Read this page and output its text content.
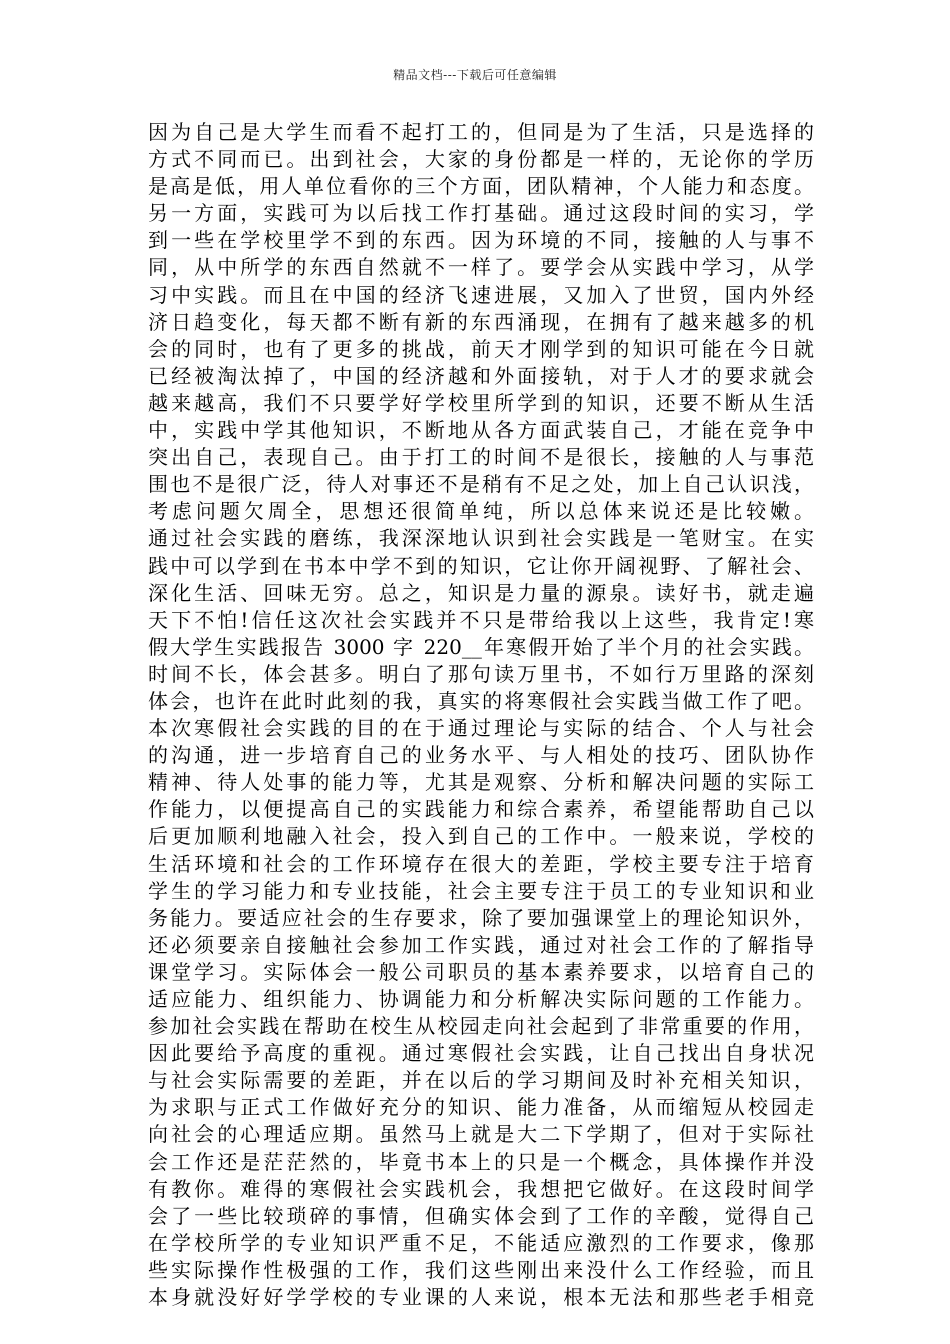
精品文档---下载后可任意编辑
因为自己是大学生而看不起打工的，但同是为了生活，只是选择的
方式不同而已。出到社会，大家的身份都是一样的，无论你的学历
是高是低，用人单位看你的三个方面，团队精神，个人能力和态度。
另一方面，实践可为以后找工作打基础。通过这段时间的实习，学
到一些在学校里学不到的东西。因为环境的不同，接触的人与事不
同，从中所学的东西自然就不一样了。要学会从实践中学习，从学
习中实践。而且在中国的经济飞速进展，又加入了世贸，国内外经
济日趋变化，每天都不断有新的东西涌现，在拥有了越来越多的机
会的同时，也有了更多的挑战，前天才刚学到的知识可能在今日就
已经被淘汰掉了，中国的经济越和外面接轨，对于人才的要求就会
越来越高，我们不只要学好学校里所学到的知识，还要不断从生活
中，实践中学其他知识，不断地从各方面武装自己，才能在竞争中
突出自己，表现自己。由于打工的时间不是很长，接触的人与事范
围也不是很广泛，待人对事还不是稍有不足之处，加上自己认识浅，
考虑问题欠周全，思想还很简单纯，所以总体来说还是比较嫩。
通过社会实践的磨练，我深深地认识到社会实践是一笔财宝。在实
践中可以学到在书本中学不到的知识，它让你开阔视野、了解社会、
深化生活、回味无穷。总之，知识是力量的源泉。读好书，就走遍
天下不怕!信任这次社会实践并不只是带给我以上这些，我肯定!寒
假大学生实践报告 3000 字 220__年寒假开始了半个月的社会实践。
时间不长，体会甚多。明白了那句读万里书，不如行万里路的深刻
体会，也许在此时此刻的我，真实的将寒假社会实践当做工作了吧。
本次寒假社会实践的目的在于通过理论与实际的结合、个人与社会
的沟通，进一步培育自己的业务水平、与人相处的技巧、团队协作
精神、待人处事的能力等，尤其是观察、分析和解决问题的实际工
作能力，以便提高自己的实践能力和综合素养，希望能帮助自己以
后更加顺利地融入社会，投入到自己的工作中。一般来说，学校的
生活环境和社会的工作环境存在很大的差距，学校主要专注于培育
学生的学习能力和专业技能，社会主要专注于员工的专业知识和业
务能力。要适应社会的生存要求，除了要加强课堂上的理论知识外，
还必须要亲自接触社会参加工作实践，通过对社会工作的了解指导
课堂学习。实际体会一般公司职员的基本素养要求，以培育自己的
适应能力、组织能力、协调能力和分析解决实际问题的工作能力。
参加社会实践在帮助在校生从校园走向社会起到了非常重要的作用，
因此要给予高度的重视。通过寒假社会实践，让自己找出自身状况
与社会实际需要的差距，并在以后的学习期间及时补充相关知识，
为求职与正式工作做好充分的知识、能力准备，从而缩短从校园走
向社会的心理适应期。虽然马上就是大二下学期了，但对于实际社
会工作还是茫茫然的，毕竟书本上的只是一个概念，具体操作并没
有教你。难得的寒假社会实践机会，我想把它做好。在这段时间学
会了一些比较琐碎的事情，但确实体会到了工作的辛酸，觉得自己
在学校所学的专业知识严重不足，不能适应激烈的工作要求，像那
些实际操作性极强的工作，我们这些刚出来没什么工作经验，而且
本身就没好好学学校的专业课的人来说，根本无法和那些老手相竞
